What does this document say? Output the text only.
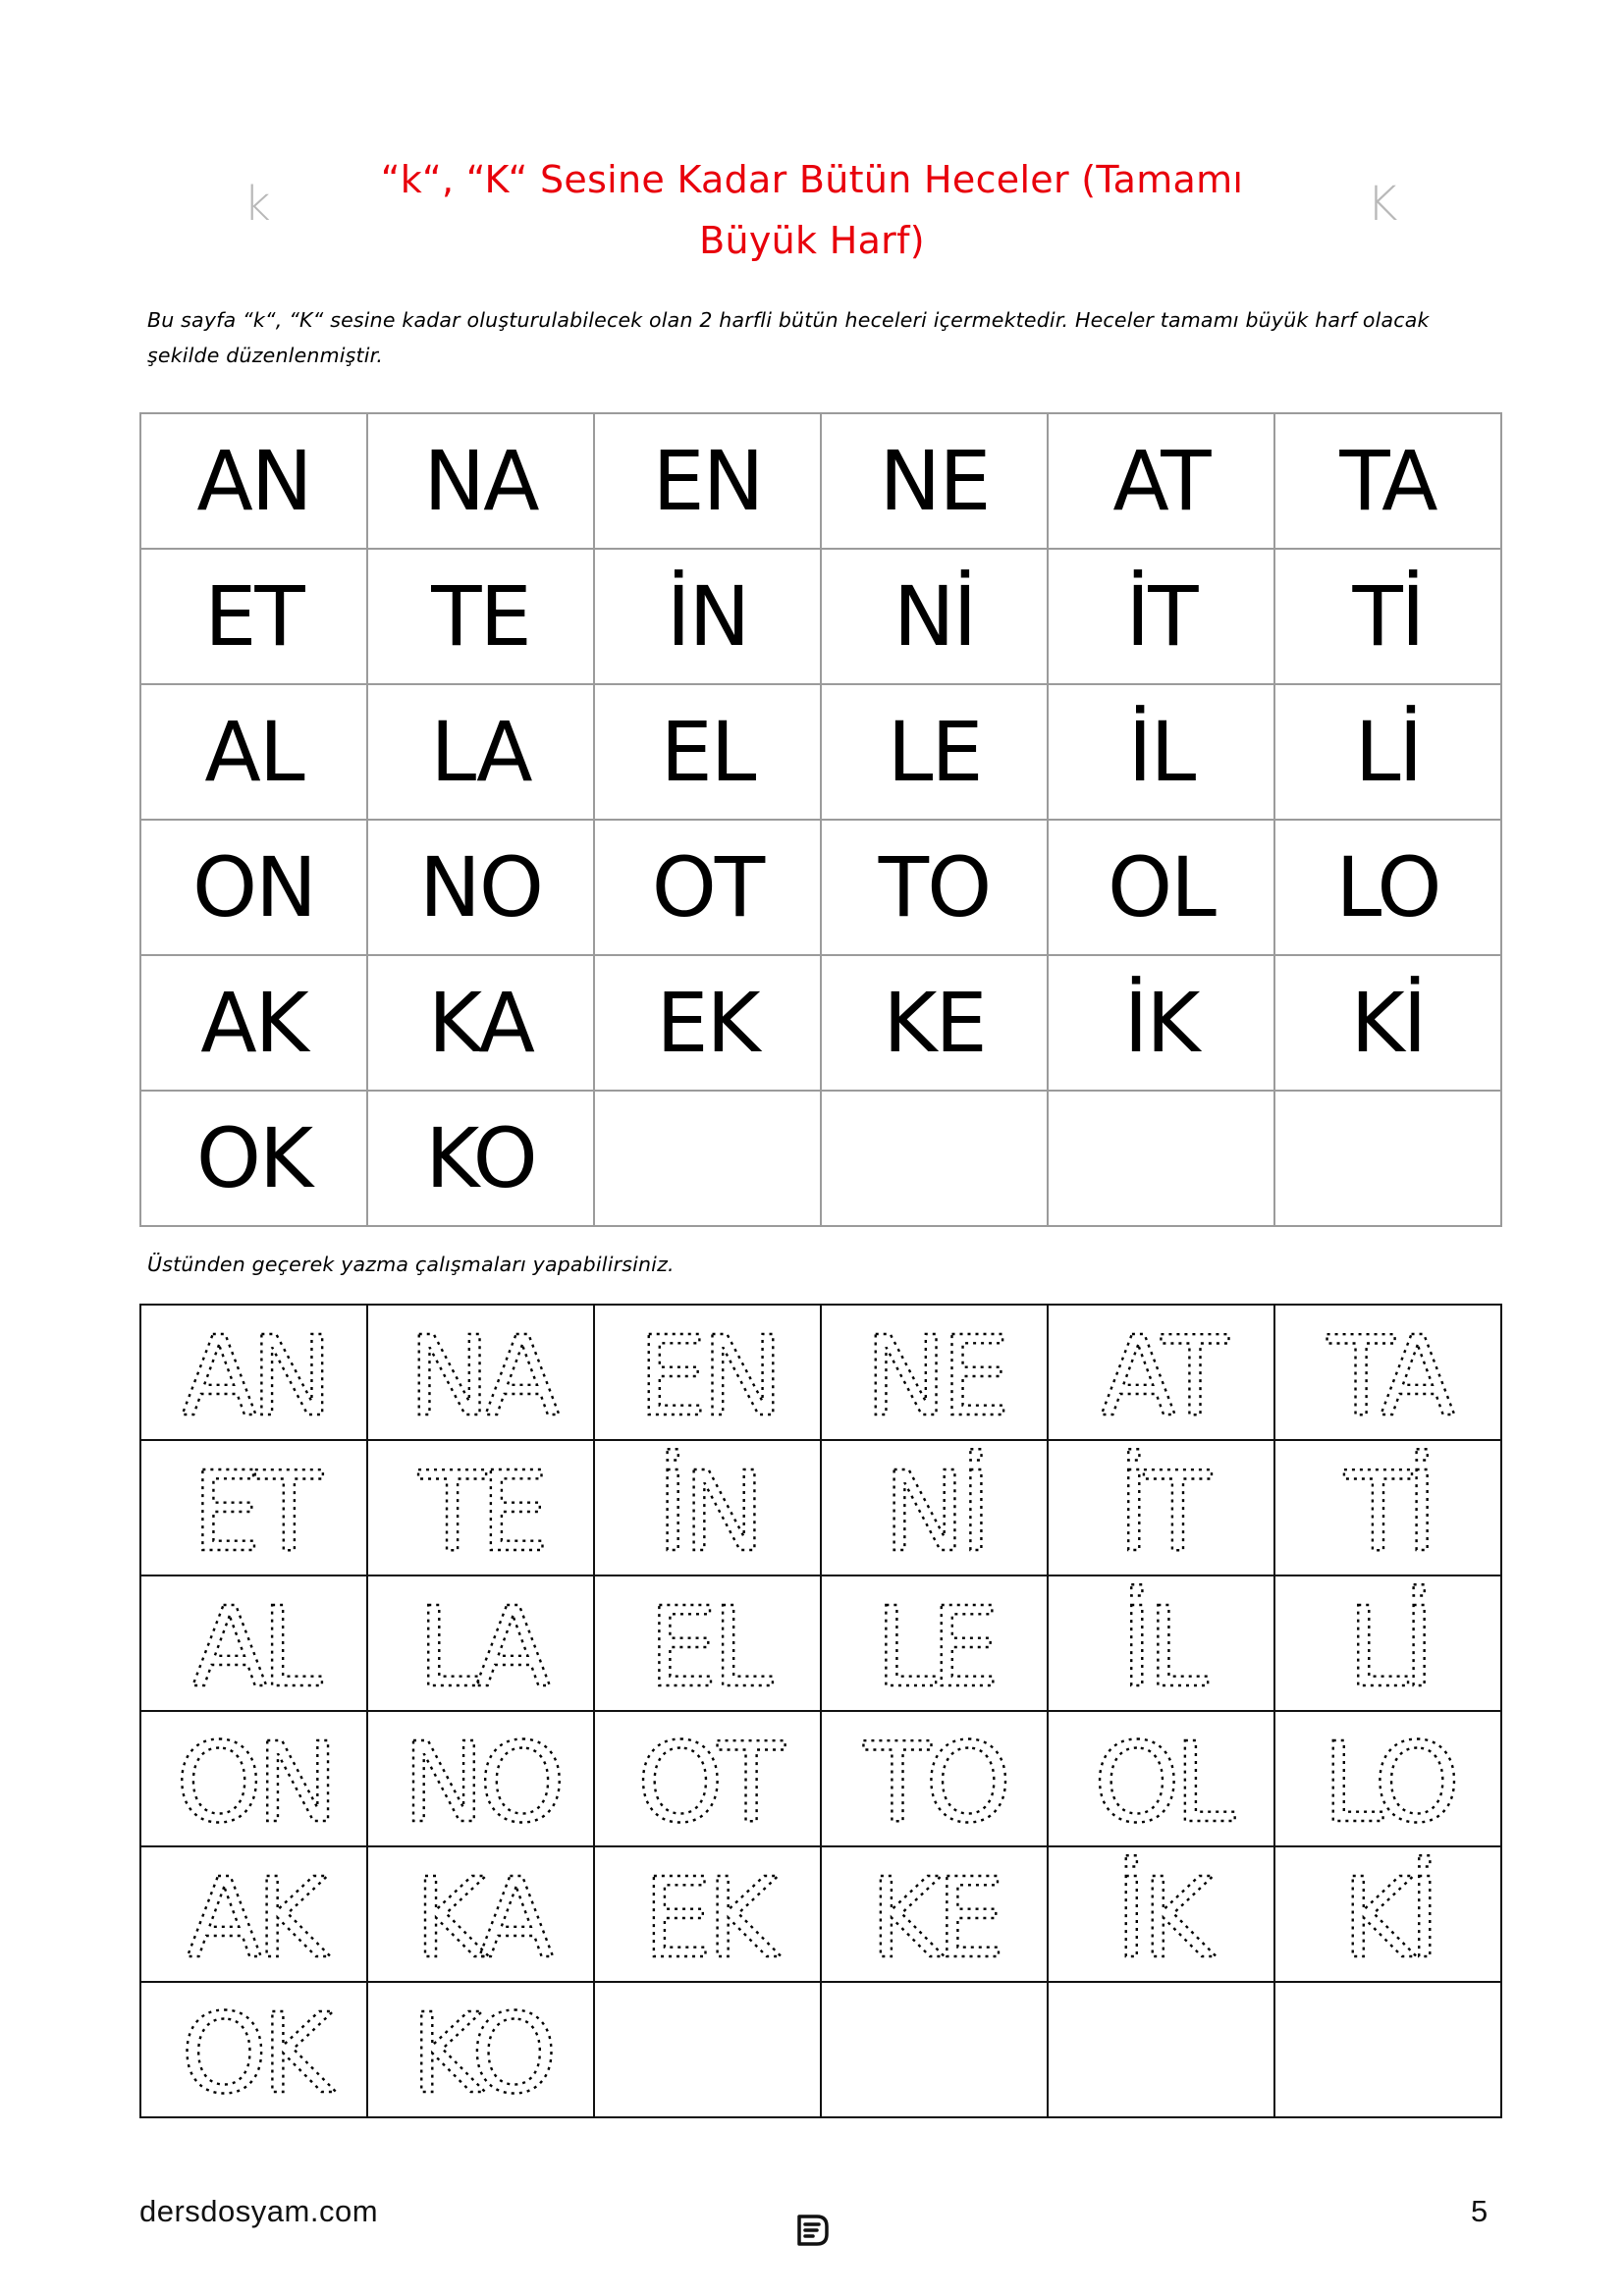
k	K
“k“, “K“ Sesine Kadar Bütün Heceler (Tamamı
Büyük Harf)
Bu sayfa “k“, “K“ sesine kadar oluşturulabilecek olan 2 harfli bütün heceleri içermektedir. Heceler tamamı büyük harf olacak şekilde düzenlenmiştir.
AN	NA	EN	NE	AT	TA
ET	TE	İN	Nİ	İT	Tİ
AL	LA	EL	LE	İL	Lİ
ON	NO	OT	TO	OL	LO
AK	KA	EK	KE	İK	Kİ
OK	KO				
Üstünden geçerek yazma çalışmaları yapabilirsiniz.
AN	NA	EN	NE	AT	TA

ET	TE	İN	Nİ	İT	Tİ

AL	LA	EL	LE	İL	Lİ

ON	NO	OT	TO	OL	LO

AK	KA	EK	KE	İK	Kİ

OK	KO				

dersdosyam.com	5
